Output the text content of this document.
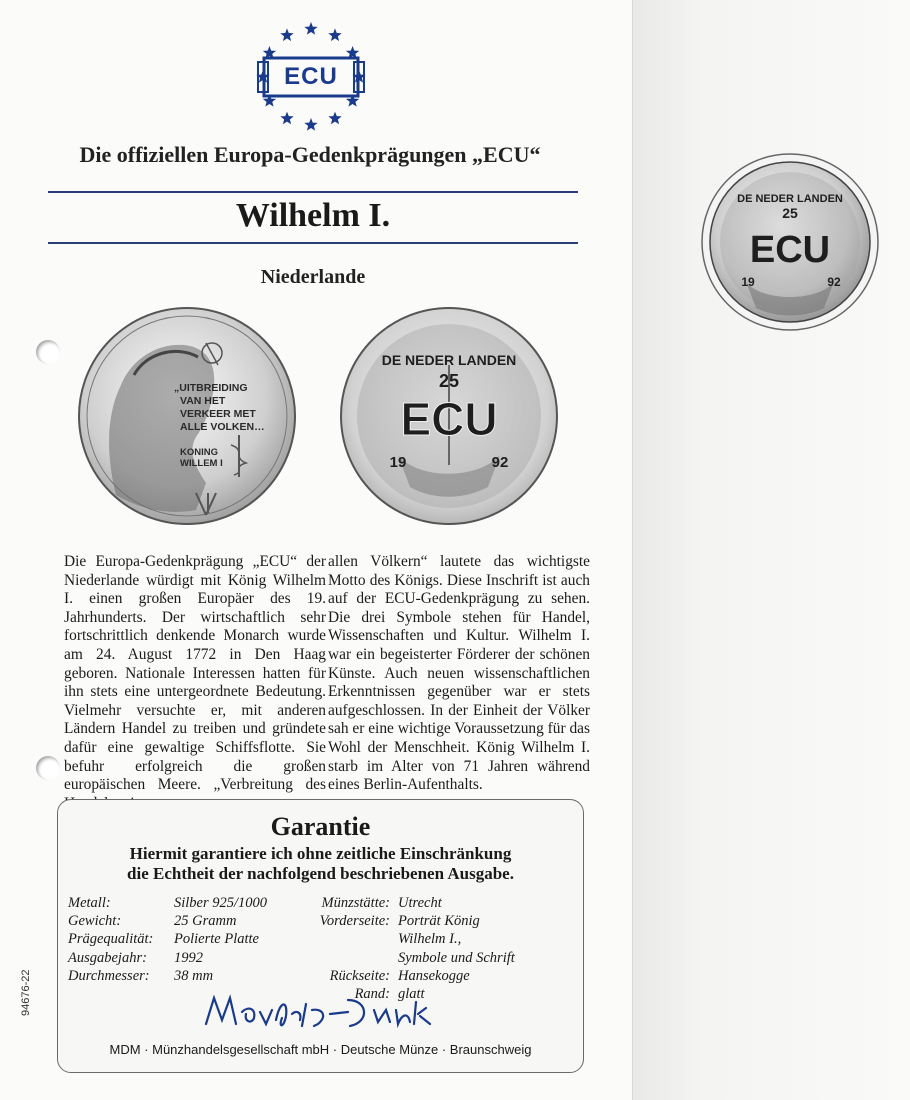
ECU
Die offiziellen Europa-Gedenkprägungen „ECU“
Wilhelm I.
Niederlande
„UITBREIDING
VAN HET
VERKEER MET
ALLE VOLKEN…
KONING
WILLEM I
DE NEDER LANDEN
25
ECU
19	92
Die Europa-Gedenkprägung „ECU“ der Niederlande würdigt mit König Wilhelm I. einen großen Europäer des 19. Jahrhunderts. Der wirtschaftlich sehr fortschrittlich denkende Monarch wurde am 24. August 1772 in Den Haag geboren. Nationale Interessen hatten für ihn stets eine untergeordnete Bedeutung. Vielmehr versuchte er, mit anderen Ländern Handel zu treiben und gründete dafür eine gewaltige Schiffsflotte. Sie befuhr erfolgreich die großen europäischen Meere. „Verbreitung des
allen Völkern“ lautete das wichtigste Motto des Königs. Diese Inschrift ist auch auf der ECU-Gedenkprägung zu sehen. Die drei Symbole stehen für Handel, Wissenschaften und Kultur. Wilhelm I. war ein begeisterter Förderer der schönen Künste. Auch neuen wissenschaftlichen Erkenntnissen gegenüber war er stets aufgeschlossen. In der Einheit der Völker sah er eine wichtige Voraussetzung für das Wohl der Menschheit. König Wilhelm I. starb im Alter von 71 Jahren während eines Berlin-Aufenthalts.
Garantie
Hiermit garantiere ich ohne zeitliche Einschränkung
die Echtheit der nachfolgend beschriebenen Ausgabe.
Metall:
Gewicht:
Prägequalität:
Ausgabejahr:
Durchmesser:
Silber 925/1000
25 Gramm
Polierte Platte
1992
38 mm
Münzstätte:
Vorderseite:
Rückseite:
Rand:
Utrecht
Porträt König
Wilhelm I.,
Symbole und Schrift
Hansekogge
glatt
MDM · Münzhandelsgesellschaft mbH · Deutsche Münze · Braunschweig
94676-22
DE NEDER LANDEN
25
ECU
19	92
